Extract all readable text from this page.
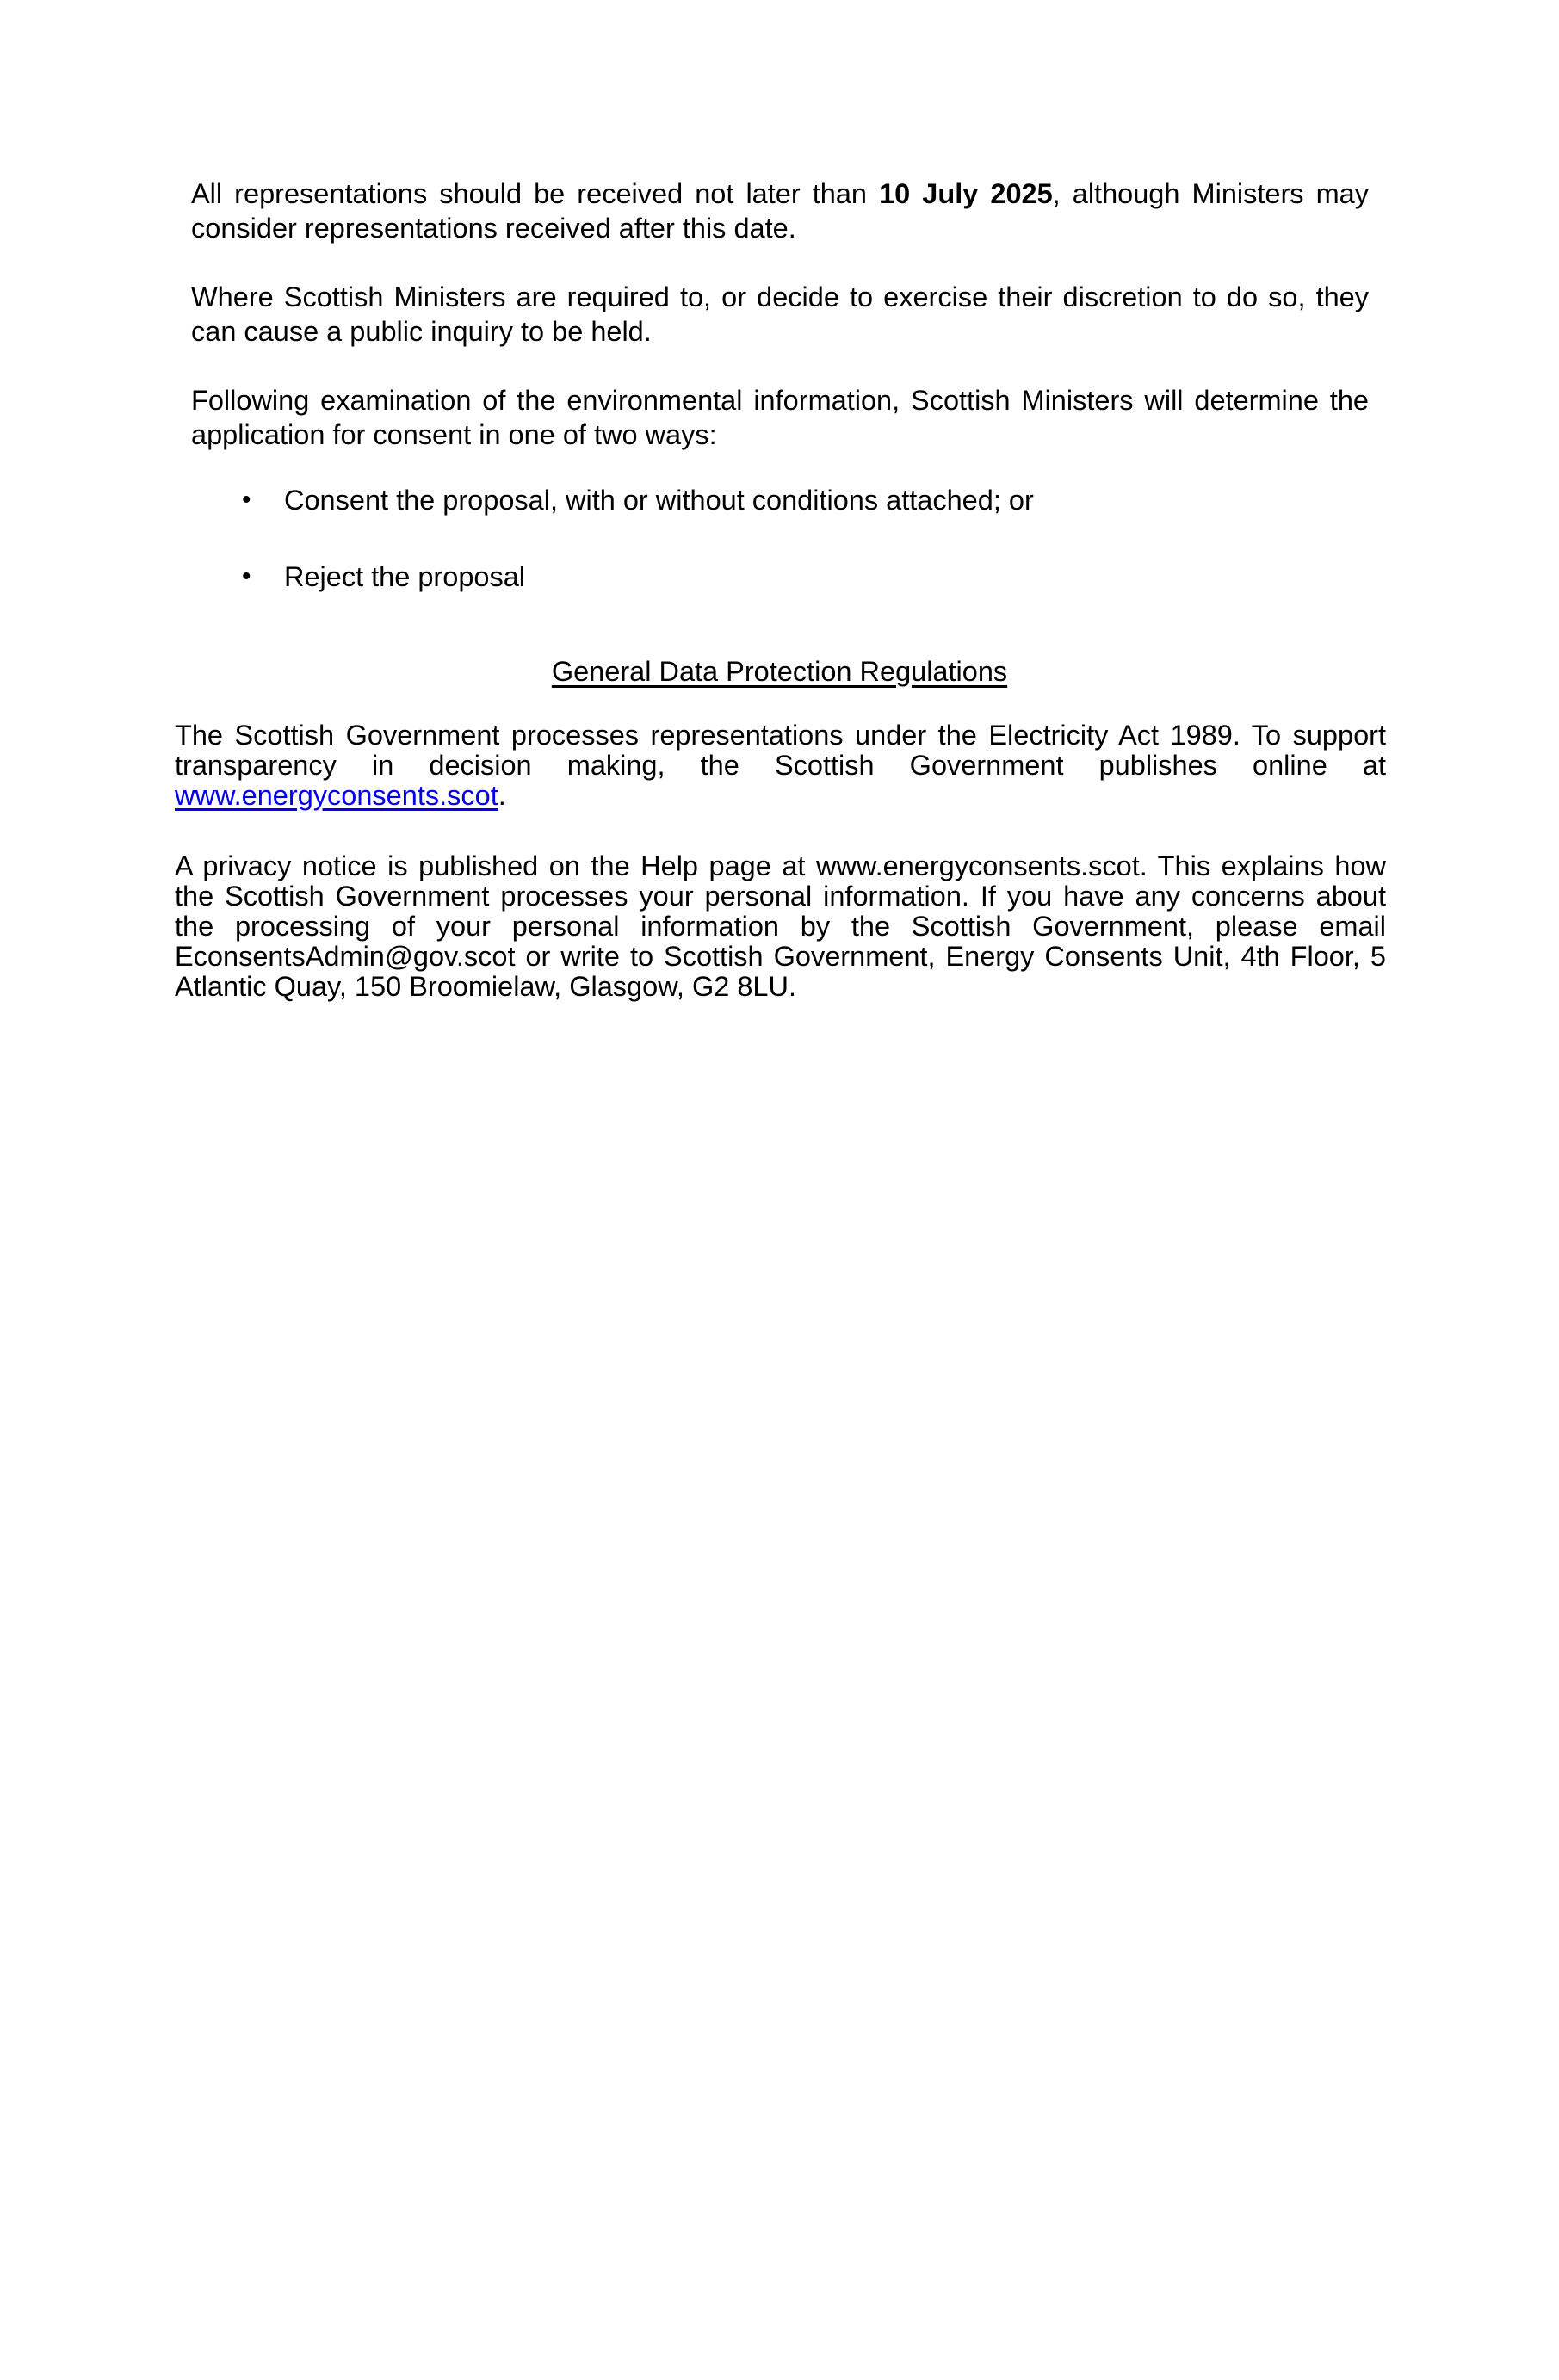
All representations should be received not later than 10 July 2025, although Ministers may consider representations received after this date.

Where Scottish Ministers are required to, or decide to exercise their discretion to do so, they can cause a public inquiry to be held.

Following examination of the environmental information, Scottish Ministers will determine the application for consent in one of two ways:

•	Consent the proposal, with or without conditions attached; or
•	Reject the proposal
General Data Protection Regulations

The Scottish Government processes representations under the Electricity Act 1989. To support transparency in decision making, the Scottish Government publishes online at www.energyconsents.scot.

A privacy notice is published on the Help page at www.energyconsents.scot. This explains how the Scottish Government processes your personal information. If you have any concerns about the processing of your personal information by the Scottish Government, please email EconsentsAdmin@gov.scot or write to Scottish Government, Energy Consents Unit, 4th Floor, 5 Atlantic Quay, 150 Broomielaw, Glasgow, G2 8LU.
